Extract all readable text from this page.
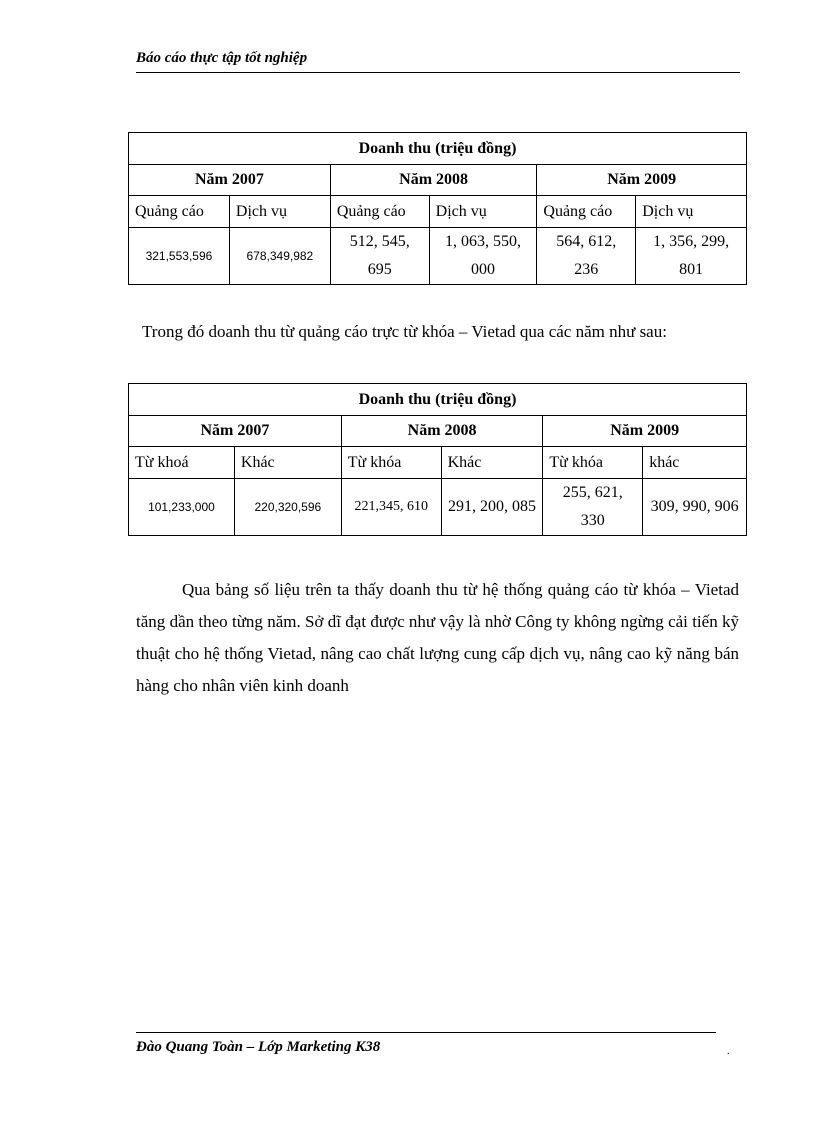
Báo cáo thực tập tốt nghiệp
Doanh thu (triệu đồng)					
Năm 2007		Năm 2008		Năm 2009	
Quảng cáo	Dịch vụ	Quảng cáo	Dịch vụ	Quảng cáo	Dịch vụ
321,553,596	678,349,982	512, 545, 695	1, 063, 550, 000	564, 612, 236	1, 356, 299, 801
Trong đó doanh thu từ quảng cáo trực từ khóa – Vietad qua các năm như sau:
Doanh thu (triệu đồng)					
Năm 2007		Năm 2008		Năm 2009	
Từ khoá	Khác	Từ khóa	Khác	Từ khóa	khác
101,233,000	220,320,596	221,345, 610	291, 200, 085	255, 621, 330	309, 990, 906

Qua bảng số liệu trên ta thấy doanh thu từ hệ thống quảng cáo từ khóa – Vietad tăng dần theo từng năm. Sở dĩ đạt được như vậy là nhờ Công ty không ngừng cải tiến kỹ thuật cho hệ thống Vietad, nâng cao chất lượng cung cấp dịch vụ, nâng cao kỹ năng bán hàng cho nhân viên kinh doanh

Đào Quang Toàn – Lớp Marketing K38	.
